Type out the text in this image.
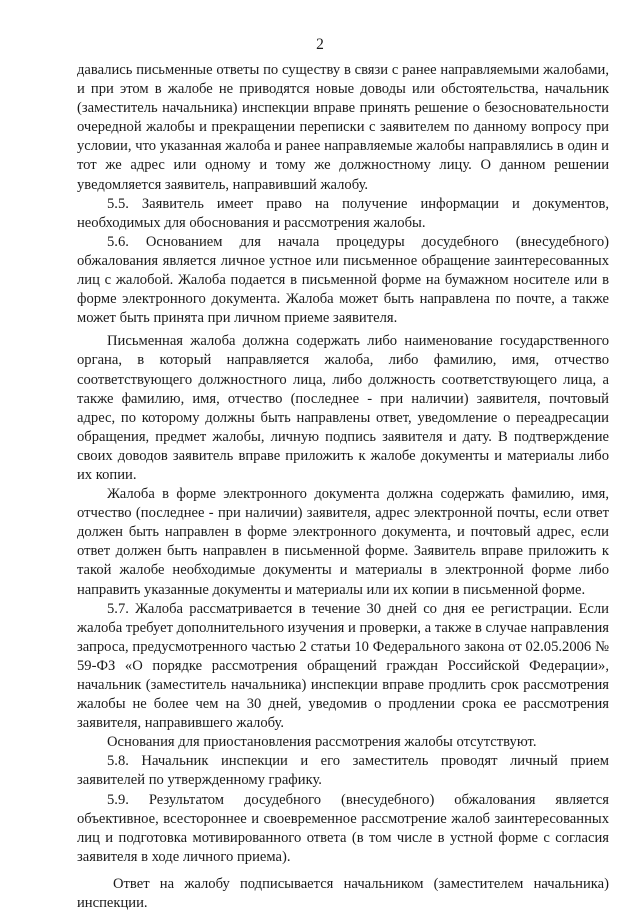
2

давались письменные ответы по существу в связи с ранее направляемыми жалобами, и при этом в жалобе не приводятся новые доводы или обстоятельства, начальник (заместитель начальника) инспекции вправе принять решение о безосновательности очередной жалобы и прекращении переписки с заявителем по данному вопросу при условии, что указанная жалоба и ранее направляемые жалобы направлялись в один и тот же адрес или одному и тому же должностному лицу. О данном решении уведомляется заявитель, направивший жалобу.

5.5. Заявитель имеет право на получение информации и документов, необходимых для обоснования и рассмотрения жалобы.

5.6. Основанием для начала процедуры досудебного (внесудебного) обжалования является личное устное или письменное обращение заинтересованных лиц с жалобой. Жалоба подается в письменной форме на бумажном носителе или в форме электронного документа. Жалоба может быть направлена по почте, а также может быть принята при личном приеме заявителя.

Письменная жалоба должна содержать либо наименование государственного органа, в который направляется жалоба, либо фамилию, имя, отчество соответствующего должностного лица, либо должность соответствующего лица, а также фамилию, имя, отчество (последнее - при наличии) заявителя, почтовый адрес, по которому должны быть направлены ответ, уведомление о переадресации обращения, предмет жалобы, личную подпись заявителя и дату. В подтверждение своих доводов заявитель вправе приложить к жалобе документы и материалы либо их копии.

Жалоба в форме электронного документа должна содержать фамилию, имя, отчество (последнее - при наличии) заявителя, адрес электронной почты, если ответ должен быть направлен в форме электронного документа, и почтовый адрес, если ответ должен быть направлен в письменной форме. Заявитель вправе приложить к такой жалобе необходимые документы и материалы в электронной форме либо направить указанные документы и материалы или их копии в письменной форме.

5.7. Жалоба рассматривается в течение 30 дней со дня ее регистрации. Если жалоба требует дополнительного изучения и проверки, а также в случае направления запроса, предусмотренного частью 2 статьи 10 Федерального закона от 02.05.2006 № 59-ФЗ «О порядке рассмотрения обращений граждан Российской Федерации», начальник (заместитель начальника) инспекции вправе продлить срок рассмотрения жалобы не более чем на 30 дней, уведомив о продлении срока ее рассмотрения заявителя, направившего жалобу.

Основания для приостановления рассмотрения жалобы отсутствуют.

5.8. Начальник инспекции и его заместитель проводят личный прием заявителей по утвержденному графику.

5.9. Результатом досудебного (внесудебного) обжалования является объективное, всестороннее и своевременное рассмотрение жалоб заинтересованных лиц и подготовка мотивированного ответа (в том числе в устной форме с согласия заявителя в ходе личного приема).

Ответ на жалобу подписывается начальником (заместителем начальника) инспекции.
